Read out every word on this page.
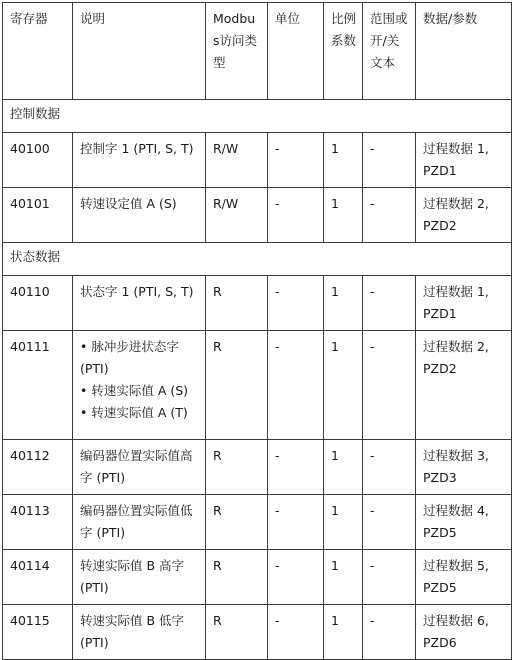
寄存器	说明	Modbus访问类型	单位	比例系数	范围或开/关文本	数据/参数
控制数据						
40100	控制字 1 (PTI, S, T)	R/W	-	1	-	过程数据 1, PZD1
40101	转速设定值 A (S)	R/W	-	1	-	过程数据 2, PZD2
状态数据						
40110	状态字 1 (PTI, S, T)	R	-	1	-	过程数据 1, PZD1
40111	• 脉冲步进状态字 (PTI)
• 转速实际值 A (S)
• 转速实际值 A (T)	R	-	1	-	过程数据 2, PZD2
40112	编码器位置实际值高字 (PTI)	R	-	1	-	过程数据 3, PZD3
40113	编码器位置实际值低字 (PTI)	R	-	1	-	过程数据 4, PZD5
40114	转速实际值 B 高字 (PTI)	R	-	1	-	过程数据 5, PZD5
40115	转速实际值 B 低字 (PTI)	R	-	1	-	过程数据 6, PZD6
